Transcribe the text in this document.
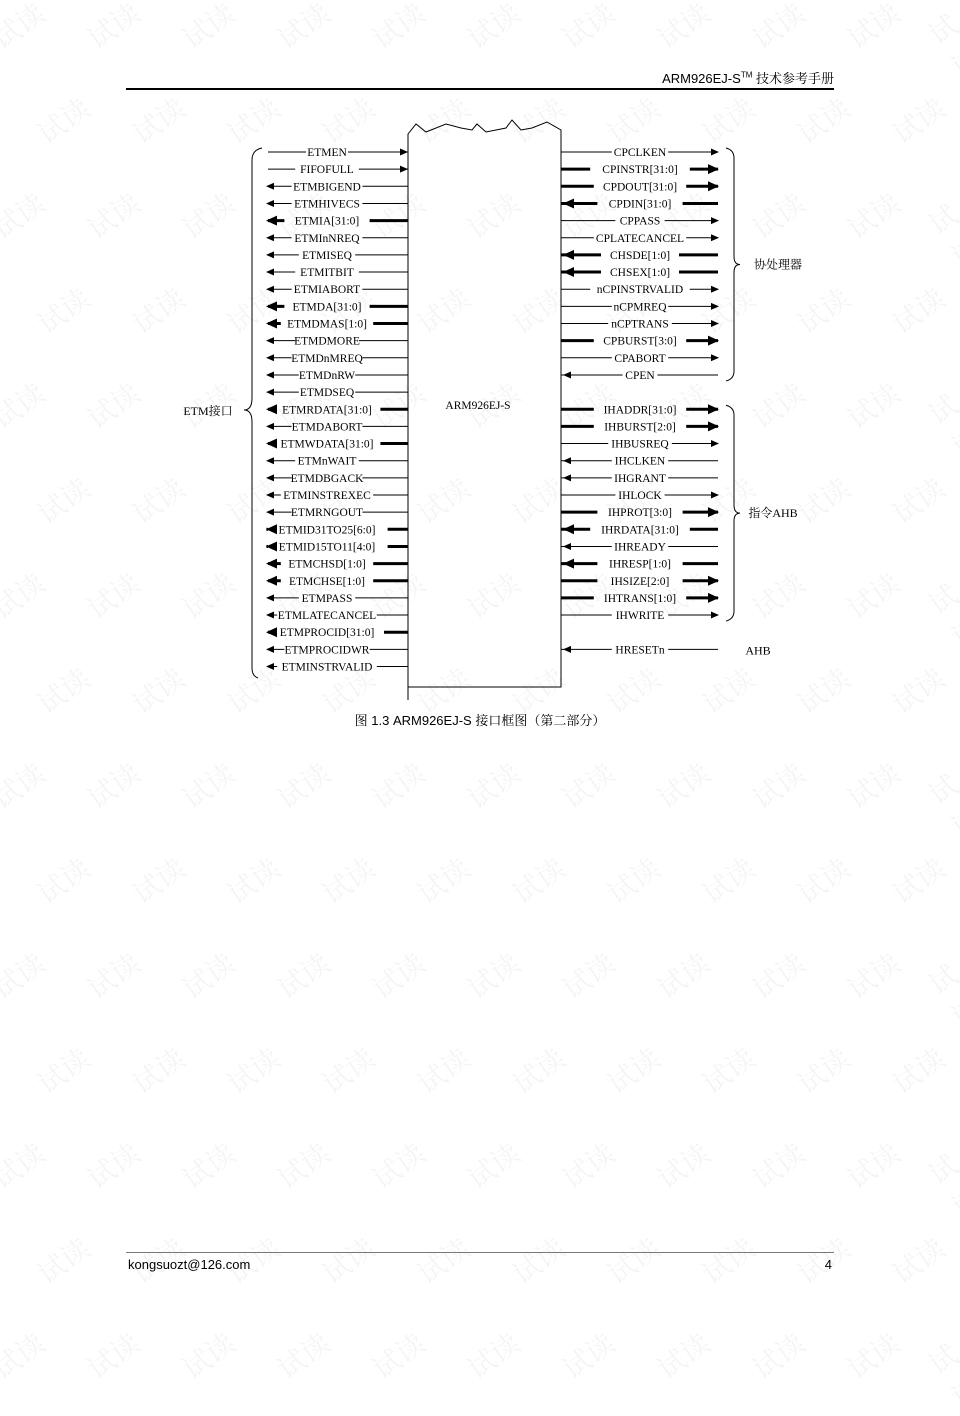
ARM926EJ-S™ 技术参考手册
ARM926EJ-S
ETMEN
FIFOFULL
ETMBIGEND
ETMHIVECS
ETMIA[31:0]
ETMInNREQ
ETMISEQ
ETMITBIT
ETMIABORT
ETMDA[31:0]
ETMDMAS[1:0]
ETMDMORE
ETMDnMREQ
ETMDnRW
ETMDSEQ
ETMRDATA[31:0]
ETMDABORT
ETMWDATA[31:0]
ETMnWAIT
ETMDBGACK
ETMINSTREXEC
ETMRNGOUT
ETMID31TO25[6:0]
ETMID15TO11[4:0]
ETMCHSD[1:0]
ETMCHSE[1:0]
ETMPASS
ETMLATECANCEL
ETMPROCID[31:0]
ETMPROCIDWR
ETMINSTRVALID
ETM接口
CPCLKEN
CPINSTR[31:0]
CPDOUT[31:0]
CPDIN[31:0]
CPPASS
CPLATECANCEL
CHSDE[1:0]
CHSEX[1:0]
nCPINSTRVALID
nCPMREQ
nCPTRANS
CPBURST[3:0]
CPABORT
CPEN
IHADDR[31:0]
IHBURST[2:0]
IHBUSREQ
IHCLKEN
IHGRANT
IHLOCK
IHPROT[3:0]
IHRDATA[31:0]
IHREADY
IHRESP[1:0]
IHSIZE[2:0]
IHTRANS[1:0]
IHWRITE
HRESETn
协处理器
指令AHB
AHB
图 1.3 ARM926EJ-S 接口框图（第二部分）
kongsuozt@126.com	4
